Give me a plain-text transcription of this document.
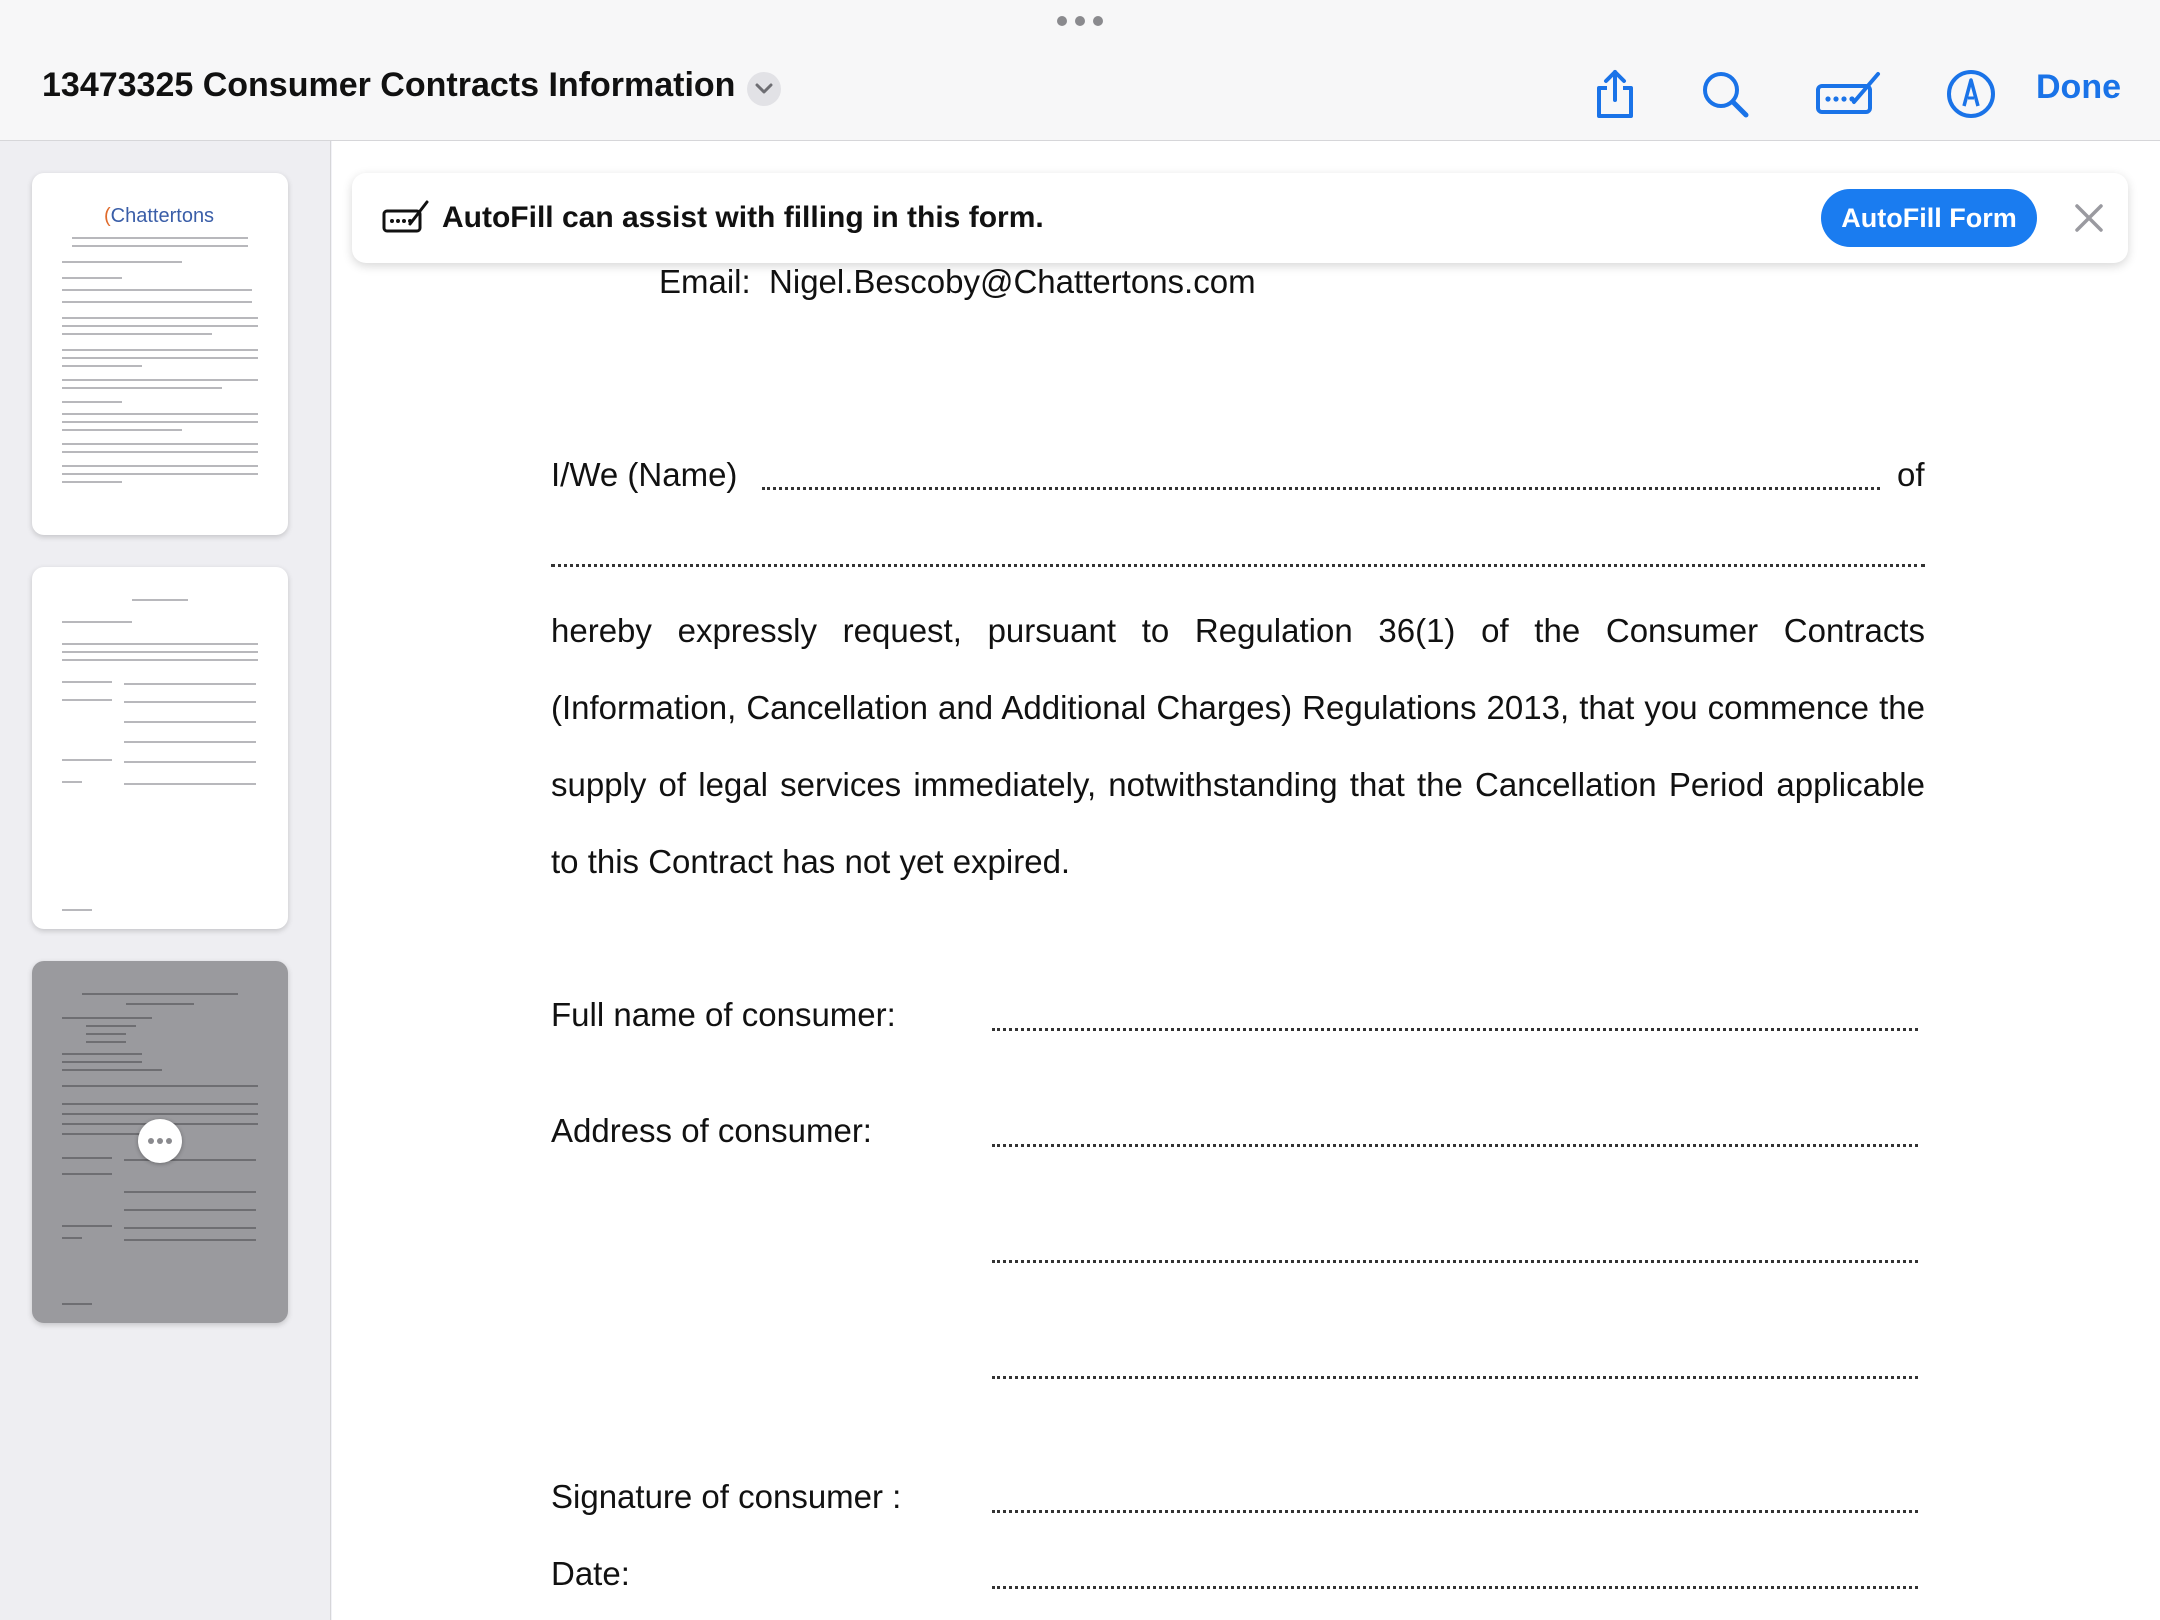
13473325 Consumer Contracts Information	Done
(Chattertons
Email: Nigel.Bescoby@Chattertons.com
I/We (Name)	of
hereby expressly request, pursuant to Regulation 36(1) of the Consumer Contracts (Information, Cancellation and Additional Charges) Regulations 2013, that you commence the supply of legal services immediately, notwithstanding that the Cancellation Period applicable to this Contract has not yet expired.
Full name of consumer:
Address of consumer:
Signature of consumer :
Date:
AutoFill can assist with filling in this form.	AutoFill Form
